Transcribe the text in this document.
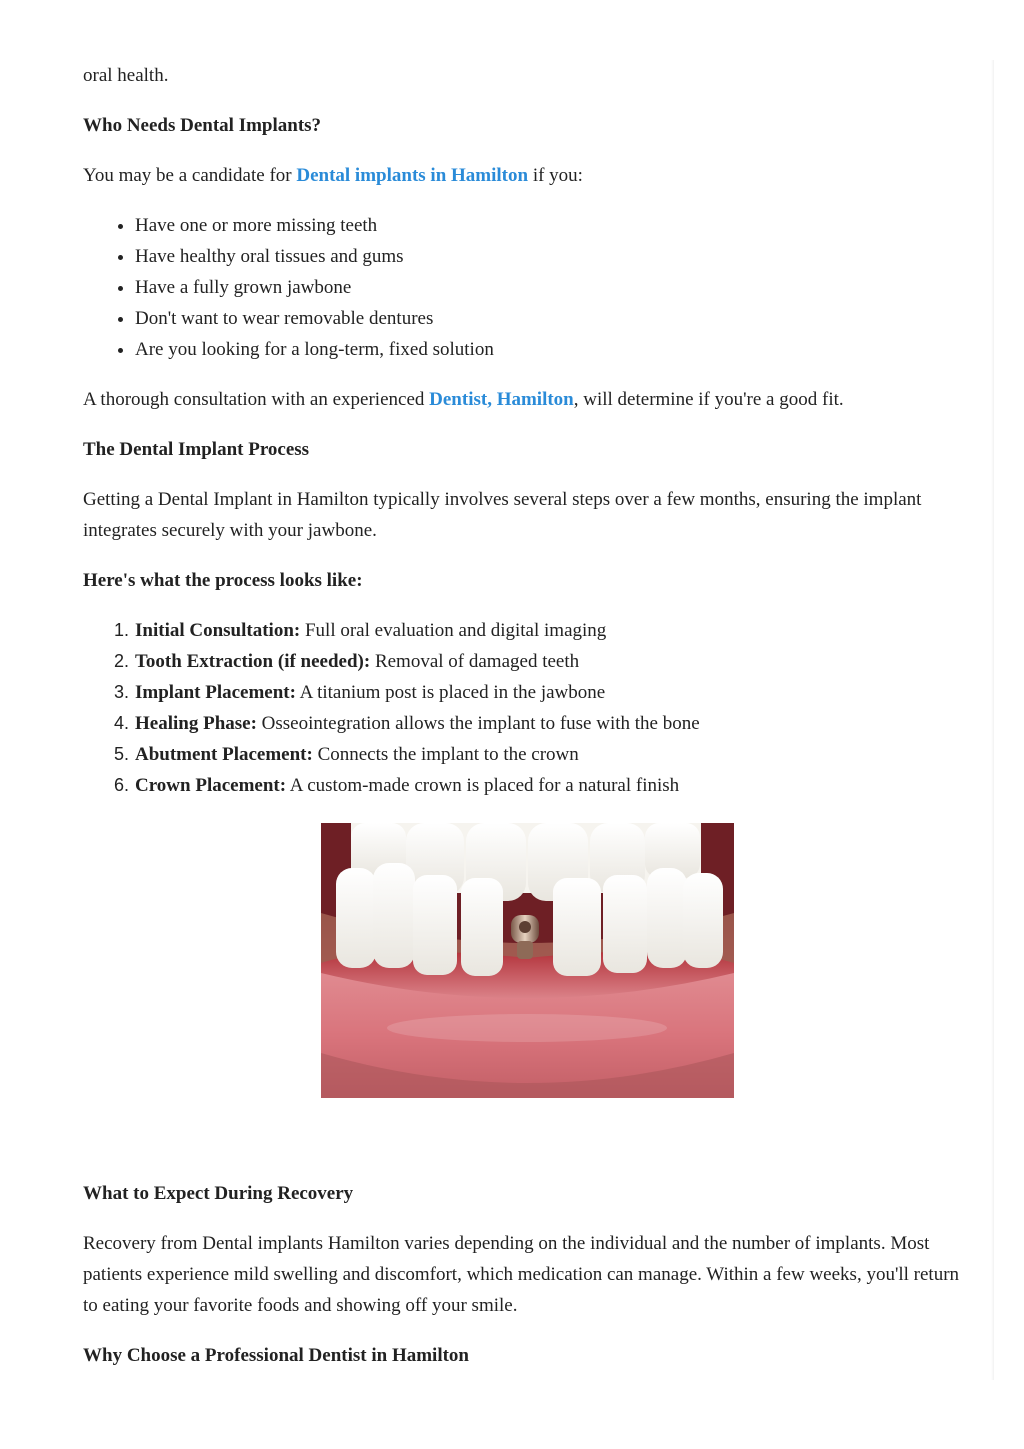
oral health.

Who Needs Dental Implants?

You may be a candidate for Dental implants in Hamilton if you:

• Have one or more missing teeth
• Have healthy oral tissues and gums
• Have a fully grown jawbone
• Don't want to wear removable dentures
• Are you looking for a long-term, fixed solution

A thorough consultation with an experienced Dentist, Hamilton, will determine if you're a good fit.

The Dental Implant Process

Getting a Dental Implant in Hamilton typically involves several steps over a few months, ensuring the implant integrates securely with your jawbone.

Here's what the process looks like:

1. Initial Consultation: Full oral evaluation and digital imaging
2. Tooth Extraction (if needed): Removal of damaged teeth
3. Implant Placement: A titanium post is placed in the jawbone
4. Healing Phase: Osseointegration allows the implant to fuse with the bone
5. Abutment Placement: Connects the implant to the crown
6. Crown Placement: A custom-made crown is placed for a natural finish

What to Expect During Recovery

Recovery from Dental implants Hamilton varies depending on the individual and the number of implants. Most patients experience mild swelling and discomfort, which medication can manage. Within a few weeks, you'll return to eating your favorite foods and showing off your smile.

Why Choose a Professional Dentist in Hamilton
